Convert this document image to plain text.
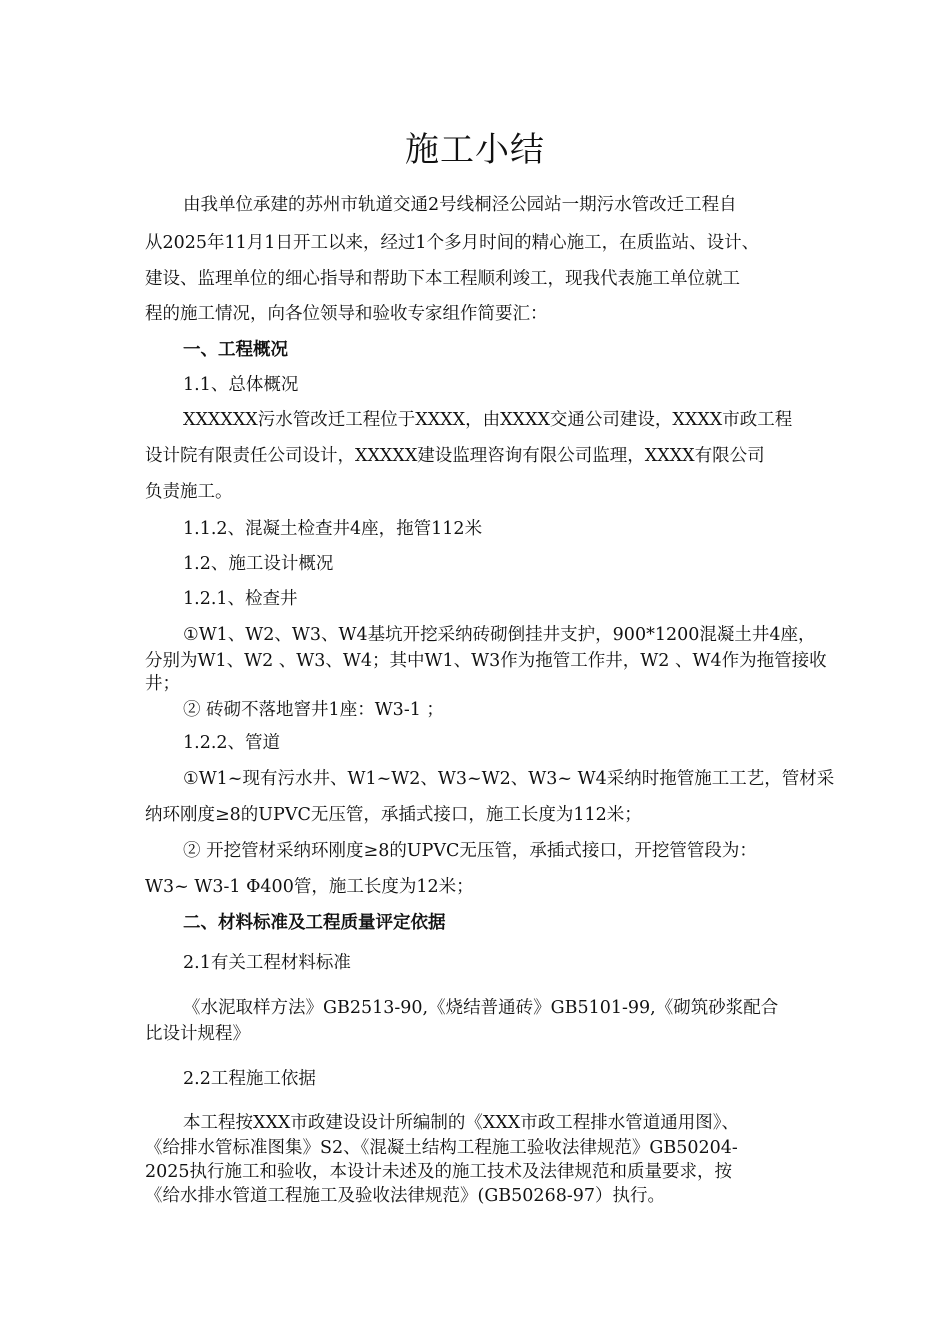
施工小结
由我单位承建的苏州市轨道交通2号线桐泾公园站一期污水管改迁工程自
从2025年11月1日开工以来，经过1个多月时间的精心施工，在质监站、设计、
建设、监理单位的细心指导和帮助下本工程顺利竣工，现我代表施工单位就工
程的施工情况，向各位领导和验收专家组作简要汇：
一、工程概况
1.1、总体概况
XXXXXX污水管改迁工程位于XXXX，由XXXX交通公司建设，XXXX市政工程
设计院有限责任公司设计，XXXXX建设监理咨询有限公司监理，XXXX有限公司
负责施工。
1.1.2、混凝土检查井4座，拖管112米
1.2、施工设计概况
1.2.1、检查井
①W1、W2、W3、W4基坑开挖采纳砖砌倒挂井支护，900*1200混凝土井4座，
分别为W1、W2 、W3、W4；其中W1、W3作为拖管工作井，W2 、W4作为拖管接收
井；
② 砖砌不落地窨井1座：W3-1 ；
1.2.2、管道
①W1~现有污水井、W1~W2、W3~W2、W3~ W4采纳时拖管施工工艺，管材采
纳环刚度≥8的UPVC无压管，承插式接口，施工长度为112米；
② 开挖管材采纳环刚度≥8的UPVC无压管，承插式接口，开挖管管段为：
W3~ W3-1 Φ400管，施工长度为12米；
二、材料标准及工程质量评定依据
2.1有关工程材料标准
《水泥取样方法》GB2513-90,《烧结普通砖》GB5101-99,《砌筑砂浆配合
比设计规程》
2.2工程施工依据
本工程按XXX市政建设设计所编制的《XXX市政工程排水管道通用图》、
《给排水管标准图集》S2、《混凝土结构工程施工验收法律规范》GB50204-
2025执行施工和验收，本设计未述及的施工技术及法律规范和质量要求，按
《给水排水管道工程施工及验收法律规范》(GB50268-97）执行。
